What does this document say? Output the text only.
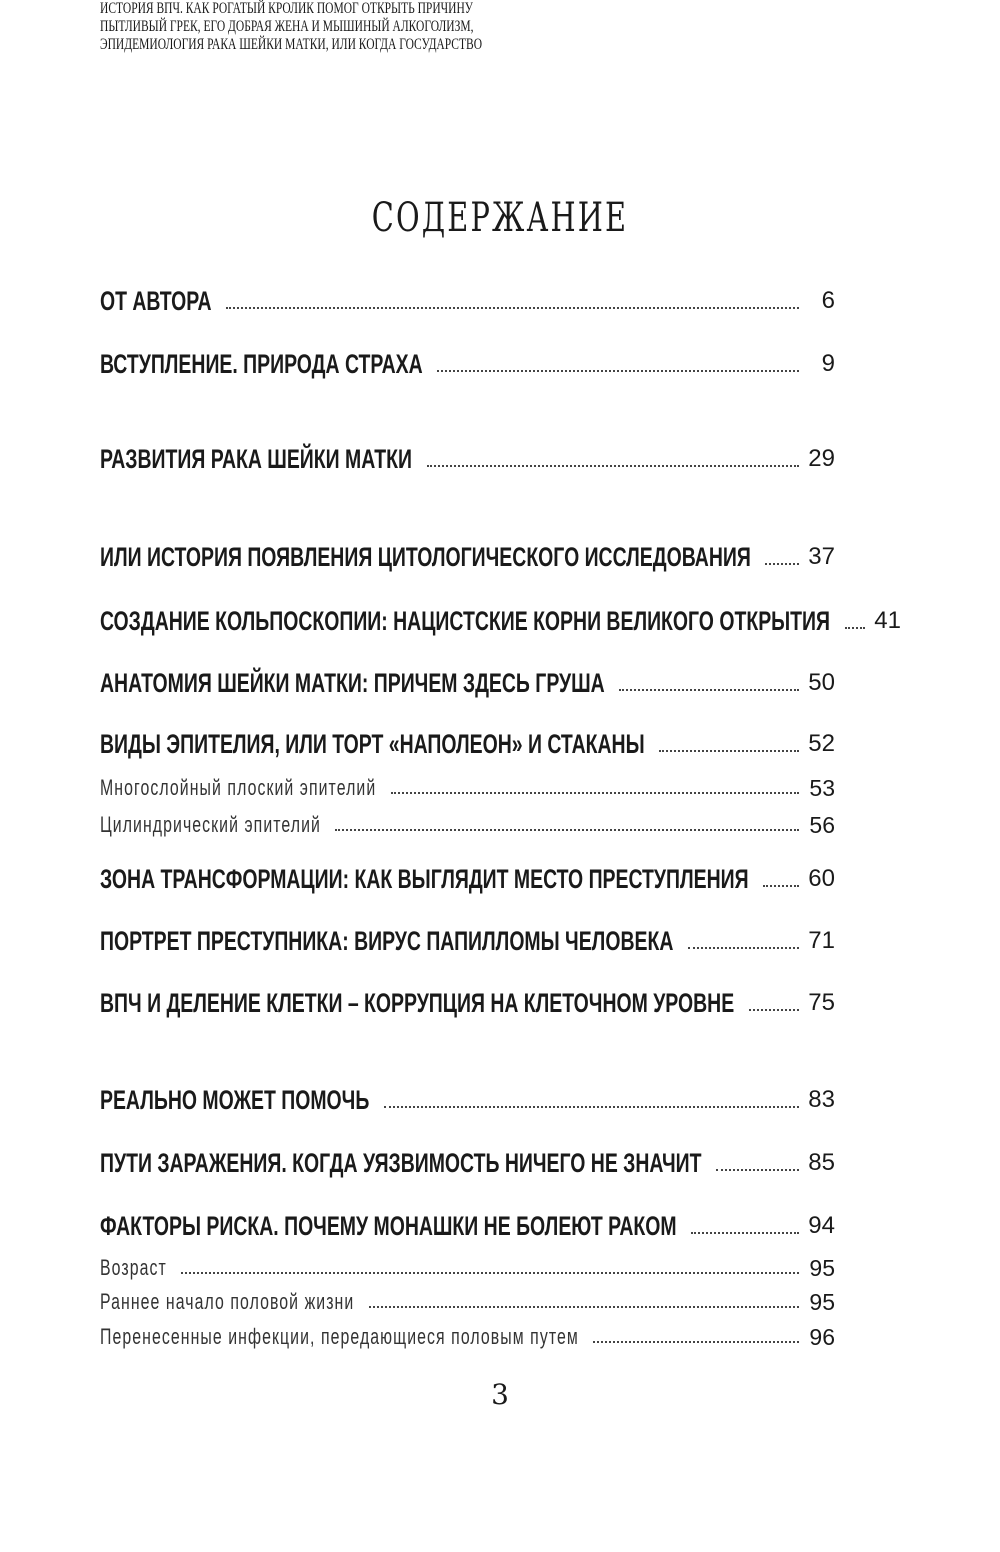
СОДЕРЖАНИЕ
ОТ АВТОРА	6
ВСТУПЛЕНИЕ. ПРИРОДА СТРАХА	9
ИСТОРИЯ ВПЧ. КАК РОГАТЫЙ КРОЛИК ПОМОГ ОТКРЫТЬ ПРИЧИНУ
РАЗВИТИЯ РАКА ШЕЙКИ МАТКИ	29
ПЫТЛИВЫЙ ГРЕК, ЕГО ДОБРАЯ ЖЕНА И МЫШИНЫЙ АЛКОГОЛИЗМ,
ИЛИ ИСТОРИЯ ПОЯВЛЕНИЯ ЦИТОЛОГИЧЕСКОГО ИССЛЕДОВАНИЯ 37
СОЗДАНИЕ КОЛЬПОСКОПИИ: НАЦИСТСКИЕ КОРНИ ВЕЛИКОГО ОТКРЫТИЯ 41
АНАТОМИЯ ШЕЙКИ МАТКИ: ПРИЧЕМ ЗДЕСЬ ГРУША	50
ВИДЫ ЭПИТЕЛИЯ, ИЛИ ТОРТ «НАПОЛЕОН» И СТАКАНЫ	52
Многослойный плоский эпителий	53
Цилиндрический эпителий	56
ЗОНА ТРАНСФОРМАЦИИ: КАК ВЫГЛЯДИТ МЕСТО ПРЕСТУПЛЕНИЯ 60
ПОРТРЕТ ПРЕСТУПНИКА: ВИРУС ПАПИЛЛОМЫ ЧЕЛОВЕКА	71
ВПЧ И ДЕЛЕНИЕ КЛЕТКИ – КОРРУПЦИЯ НА КЛЕТОЧНОМ УРОВНЕ	75
ЭПИДЕМИОЛОГИЯ РАКА ШЕЙКИ МАТКИ, ИЛИ КОГДА ГОСУДАРСТВО
РЕАЛЬНО МОЖЕТ ПОМОЧЬ	83
ПУТИ ЗАРАЖЕНИЯ. КОГДА УЯЗВИМОСТЬ НИЧЕГО НЕ ЗНАЧИТ	85
ФАКТОРЫ РИСКА. ПОЧЕМУ МОНАШКИ НЕ БОЛЕЮТ РАКОМ	94
Возраст	95
Раннее начало половой жизни	95
Перенесенные инфекции, передающиеся половым путем	96
3
